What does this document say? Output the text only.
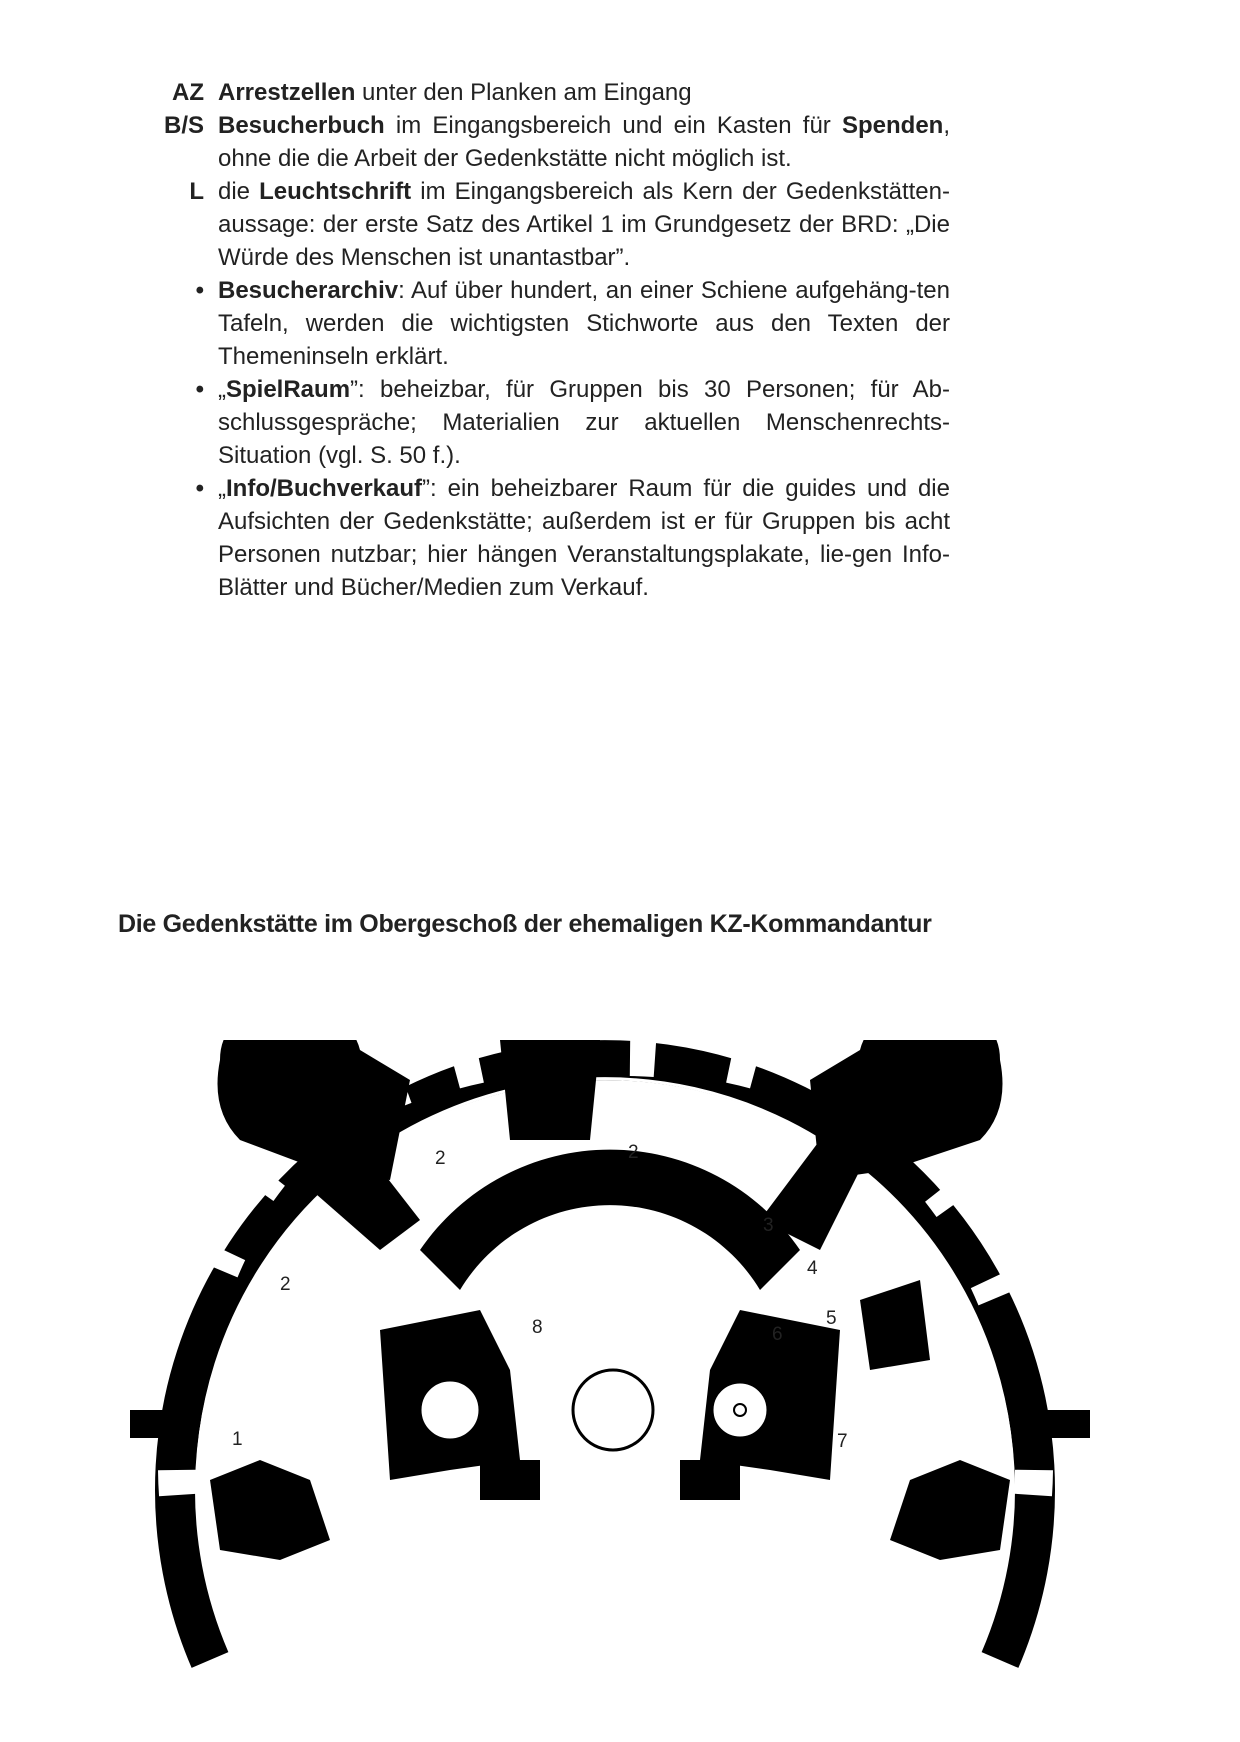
AZ Arrestzellen unter den Planken am Eingang
B/S Besucherbuch im Eingangsbereich und ein Kasten für Spenden, ohne die die Arbeit der Gedenkstätte nicht möglich ist.
L die Leuchtschrift im Eingangsbereich als Kern der Gedenkstätten-aussage: der erste Satz des Artikel 1 im Grundgesetz der BRD: „Die Würde des Menschen ist unantastbar”.
• Besucherarchiv: Auf über hundert, an einer Schiene aufgehäng-ten Tafeln, werden die wichtigsten Stichworte aus den Texten der Themeninseln erklärt.
• „SpielRaum”: beheizbar, für Gruppen bis 30 Personen; für Ab-schlussgespräche; Materialien zur aktuellen Menschenrechts-Situation (vgl. S. 50 f.).
• „Info/Buchverkauf”: ein beheizbarer Raum für die guides und die Aufsichten der Gedenkstätte; außerdem ist er für Gruppen bis acht Personen nutzbar; hier hängen Veranstaltungsplakate, lie-gen Info-Blätter und Bücher/Medien zum Verkauf.
Die Gedenkstätte im Obergeschoß der ehemaligen KZ-Kommandantur
1
2
2	2
3
4
5
6
7
8
